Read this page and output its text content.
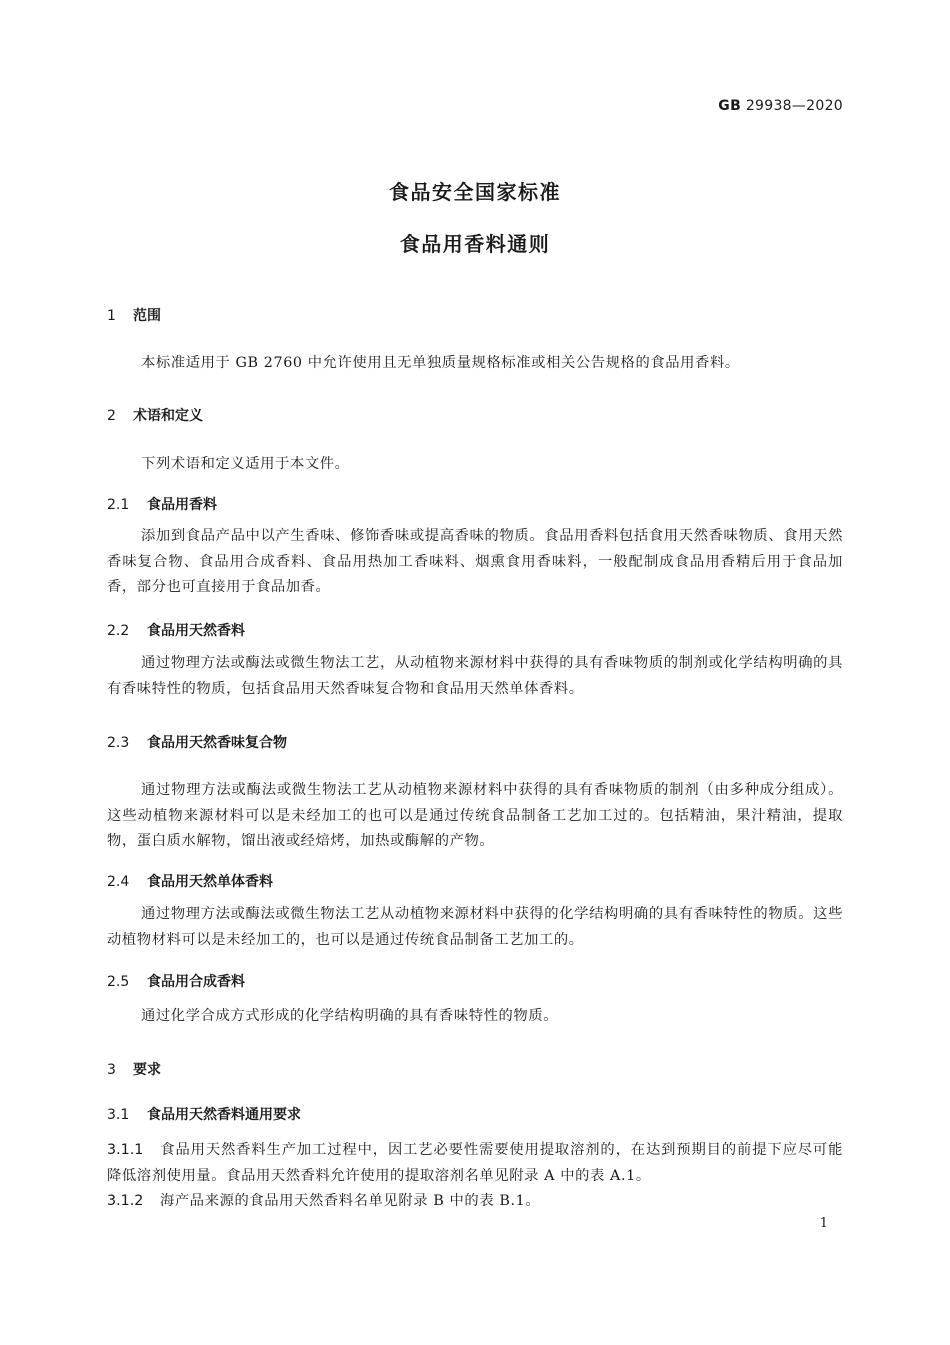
GB 29938—2020
食品安全国家标准
食品用香料通则
1 范围
本标准适用于 GB 2760 中允许使用且无单独质量规格标准或相关公告规格的食品用香料。
2 术语和定义
下列术语和定义适用于本文件。
2.1 食品用香料
添加到食品产品中以产生香味、修饰香味或提高香味的物质。食品用香料包括食用天然香味物质、食用天然香味复合物、食品用合成香料、食品用热加工香味料、烟熏食用香味料，一般配制成食品用香精后用于食品加香，部分也可直接用于食品加香。
2.2 食品用天然香料
通过物理方法或酶法或微生物法工艺，从动植物来源材料中获得的具有香味物质的制剂或化学结构明确的具有香味特性的物质，包括食品用天然香味复合物和食品用天然单体香料。
2.3 食品用天然香味复合物
通过物理方法或酶法或微生物法工艺从动植物来源材料中获得的具有香味物质的制剂（由多种成分组成）。这些动植物来源材料可以是未经加工的也可以是通过传统食品制备工艺加工过的。包括精油，果汁精油，提取物，蛋白质水解物，馏出液或经焙烤，加热或酶解的产物。
2.4 食品用天然单体香料
通过物理方法或酶法或微生物法工艺从动植物来源材料中获得的化学结构明确的具有香味特性的物质。这些动植物材料可以是未经加工的，也可以是通过传统食品制备工艺加工的。
2.5 食品用合成香料
通过化学合成方式形成的化学结构明确的具有香味特性的物质。
3 要求
3.1 食品用天然香料通用要求
3.1.1 食品用天然香料生产加工过程中，因工艺必要性需要使用提取溶剂的，在达到预期目的前提下应尽可能降低溶剂使用量。食品用天然香料允许使用的提取溶剂名单见附录 A 中的表 A.1。
3.1.2 海产品来源的食品用天然香料名单见附录 B 中的表 B.1。
1
